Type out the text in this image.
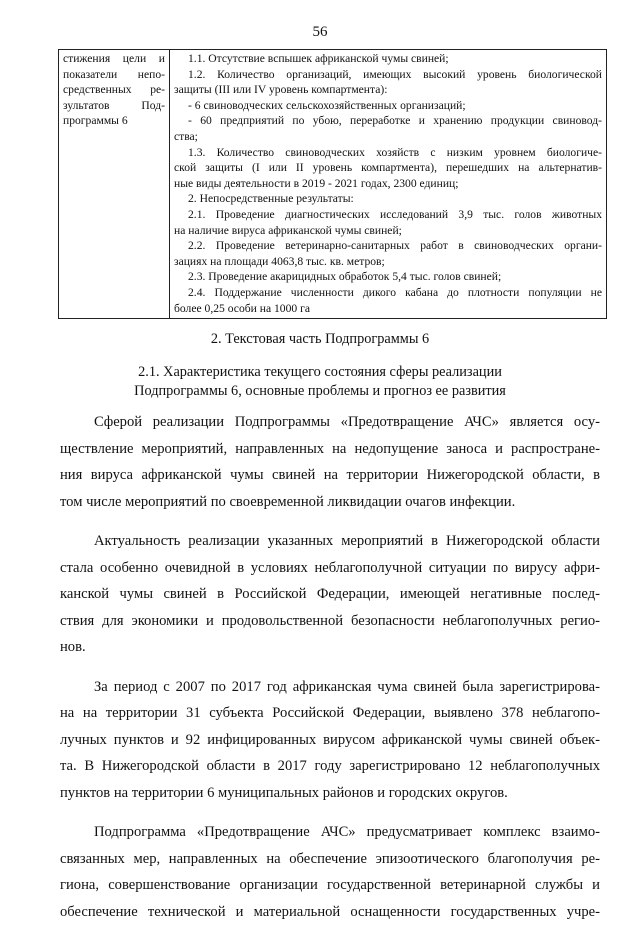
56
стижения цели и
показатели непо-
средственных ре-
зультатов Под-
программы 6

1.1. Отсутствие вспышек африканской чумы свиней;
1.2. Количество организаций, имеющих высокий уровень биологической
защиты (III или IV уровень компартмента):
- 6 свиноводческих сельскохозяйственных организаций;
- 60 предприятий по убою, переработке и хранению продукции свиновод-
ства;
1.3. Количество свиноводческих хозяйств с низким уровнем биологиче-
ской защиты (I или II уровень компартмента), перешедших на альтернатив-
ные виды деятельности в 2019 - 2021 годах, 2300 единиц;
2. Непосредственные результаты:
2.1. Проведение диагностических исследований 3,9 тыс. голов животных
на наличие вируса африканской чумы свиней;
2.2. Проведение ветеринарно-санитарных работ в свиноводческих органи-
зациях на площади 4063,8 тыс. кв. метров;
2.3. Проведение акарицидных обработок 5,4 тыс. голов свиней;
2.4. Поддержание численности дикого кабана до плотности популяции не
более 0,25 особи на 1000 га
2. Текстовая часть Подпрограммы 6
2.1. Характеристика текущего состояния сферы реализации
Подпрограммы 6, основные проблемы и прогноз ее развития

Сферой реализации Подпрограммы «Предотвращение АЧС» является осу-
ществление мероприятий, направленных на недопущение заноса и распростране-
ния вируса африканской чумы свиней на территории Нижегородской области, в
том числе мероприятий по своевременной ликвидации очагов инфекции.

Актуальность реализации указанных мероприятий в Нижегородской области
стала особенно очевидной в условиях неблагополучной ситуации по вирусу афри-
канской чумы свиней в Российской Федерации, имеющей негативные послед-
ствия для экономики и продовольственной безопасности неблагополучных регио-
нов.

За период с 2007 по 2017 год африканская чума свиней была зарегистрирова-
на на территории 31 субъекта Российской Федерации, выявлено 378 неблагопо-
лучных пунктов и 92 инфицированных вирусом африканской чумы свиней объек-
та. В Нижегородской области в 2017 году зарегистрировано 12 неблагополучных
пунктов на территории 6 муниципальных районов и городских округов.

Подпрограмма «Предотвращение АЧС» предусматривает комплекс взаимо-
связанных мер, направленных на обеспечение эпизоотического благополучия ре-
гиона, совершенствование организации государственной ветеринарной службы и
обеспечение технической и материальной оснащенности государственных учре-
